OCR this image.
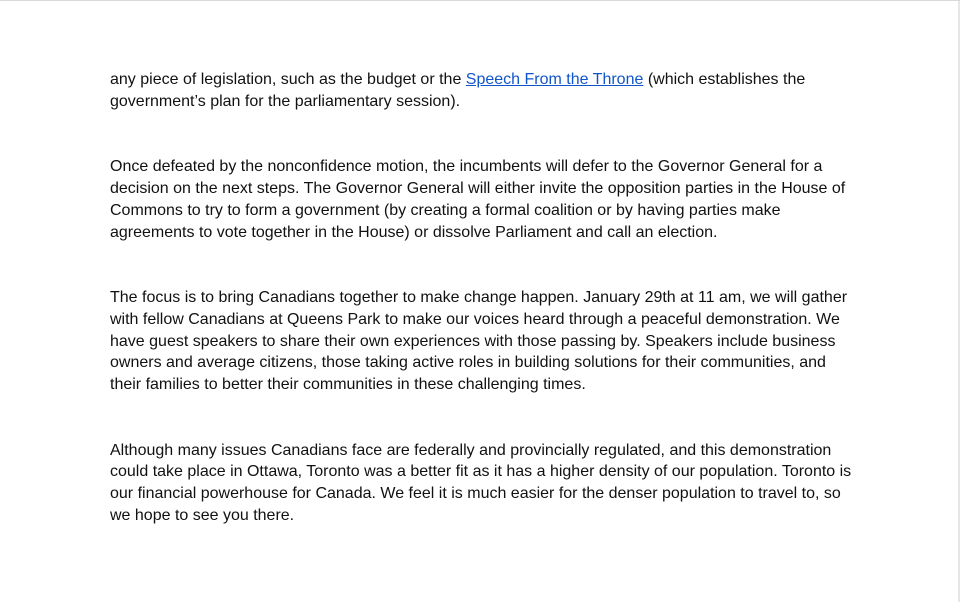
any piece of legislation, such as the budget or the Speech From the Throne (which establishes the government’s plan for the parliamentary session).

Once defeated by the nonconfidence motion, the incumbents will defer to the Governor General for a decision on the next steps. The Governor General will either invite the opposition parties in the House of Commons to try to form a government (by creating a formal coalition or by having parties make agreements to vote together in the House) or dissolve Parliament and call an election.

The focus is to bring Canadians together to make change happen. January 29th at 11 am, we will gather with fellow Canadians at Queens Park to make our voices heard through a peaceful demonstration. We have guest speakers to share their own experiences with those passing by. Speakers include business owners and average citizens, those taking active roles in building solutions for their communities, and their families to better their communities in these challenging times.

Although many issues Canadians face are federally and provincially regulated, and this demonstration could take place in Ottawa, Toronto was a better fit as it has a higher density of our population. Toronto is our financial powerhouse for Canada. We feel it is much easier for the denser population to travel to, so we hope to see you there.
